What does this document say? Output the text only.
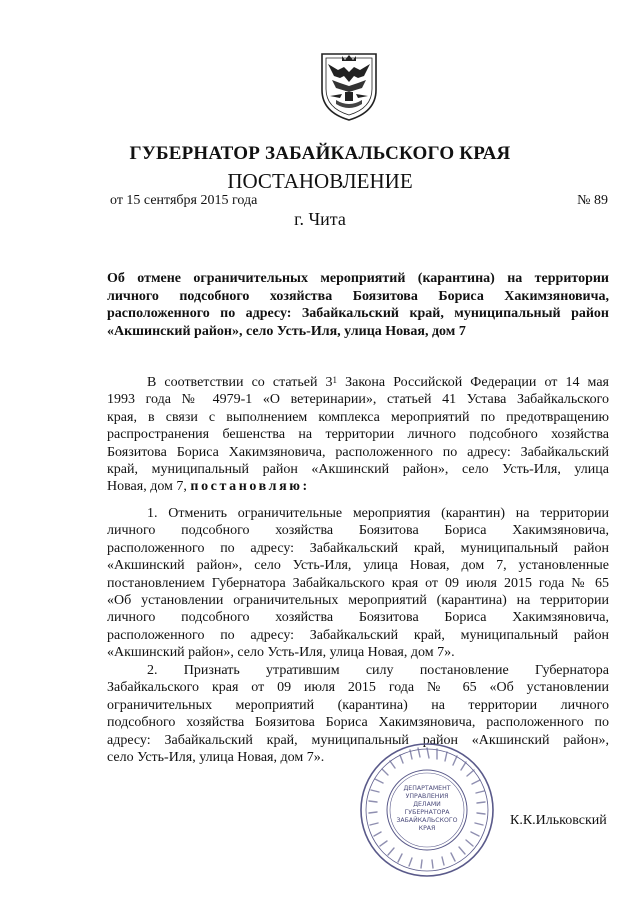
ГУБЕРНАТОР ЗАБАЙКАЛЬСКОГО КРАЯ
ПОСТАНОВЛЕНИЕ
от 15 сентября 2015 года	№ 89
г. Чита
Об отмене ограничительных мероприятий (карантина) на территории
личного подсобного хозяйства Боязитова Бориса Хакимзяновича,
расположенного по адресу: Забайкальский край, муниципальный район
«Акшинский район», село Усть-Иля, улица Новая, дом 7
В соответствии со статьей $3^1$ Закона Российской Федерации от 14 мая
1993 года № 4979-1 «О ветеринарии», статьей 41 Устава Забайкальского
края, в связи с выполнением комплекса мероприятий по предотвращению
распространения бешенства на территории личного подсобного хозяйства
Боязитова Бориса Хакимзяновича, расположенного по адресу: Забайкальский
край, муниципальный район «Акшинский район», село Усть-Иля, улица
Новая, дом 7, постановляю:
1. Отменить ограничительные мероприятия (карантин) на территории
личного подсобного хозяйства Боязитова Бориса Хакимзяновича,
расположенного по адресу: Забайкальский край, муниципальный район
«Акшинский район», село Усть-Иля, улица Новая, дом 7, установленные
постановлением Губернатора Забайкальского края от 09 июля 2015 года № 65
«Об установлении ограничительных мероприятий (карантина) на территории
личного подсобного хозяйства Боязитова Бориса Хакимзяновича,
расположенного по адресу: Забайкальский край, муниципальный район
«Акшинский район», село Усть-Иля, улица Новая, дом 7».
2. Признать утратившим силу постановление Губернатора
Забайкальского края от 09 июля 2015 года № 65 «Об установлении
ограничительных мероприятий (карантина) на территории личного
подсобного хозяйства Боязитова Бориса Хакимзяновича, расположенного по
адресу: Забайкальский край, муниципальный район «Акшинский район»,
село Усть-Иля, улица Новая, дом 7».
ДЕПАРТАМЕНТ
УПРАВЛЕНИЯ
ДЕЛАМИ
ГУБЕРНАТОРА
ЗАБАЙКАЛЬСКОГО
КРАЯ
К.К.Ильковский
